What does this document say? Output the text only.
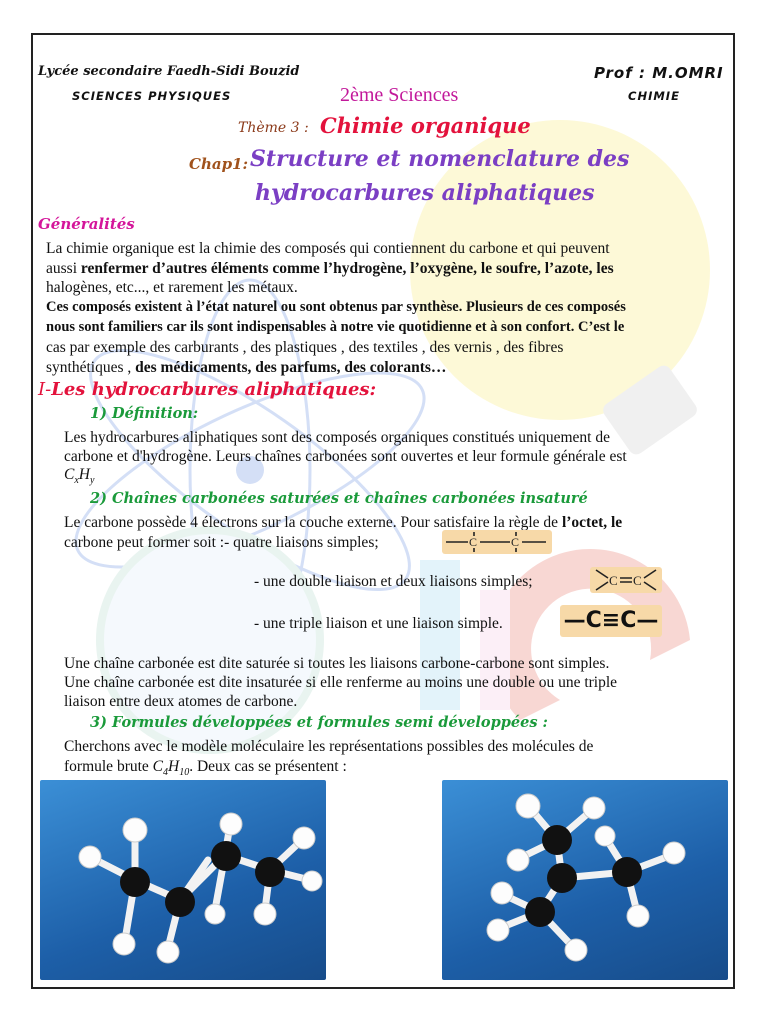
Lycée secondaire Faedh-Sidi Bouzid
SCIENCES PHYSIQUES	2ème Sciences
Prof : M.OMRI
CHIMIE
Thème 3 : Chimie organique
Chap1: Structure et nomenclature des
hydrocarbures aliphatiques
Généralités
La chimie organique est la chimie des composés qui contiennent du carbone et qui peuvent
aussi renfermer d’autres éléments comme l’hydrogène, l’oxygène, le soufre, l’azote, les
halogènes, etc..., et rarement les métaux.
Ces composés existent à l’état naturel ou sont obtenus par synthèse. Plusieurs de ces composés
nous sont familiers car ils sont indispensables à notre vie quotidienne et à son confort. C’est le
cas par exemple des carburants , des plastiques , des textiles , des vernis , des fibres
synthétiques , des médicaments, des parfums, des colorants…
I-Les hydrocarbures aliphatiques:
1) Définition:
Les hydrocarbures aliphatiques sont des composés organiques constitués uniquement de
carbone et d'hydrogène. Leurs chaînes carbonées sont ouvertes et leur formule générale est
$C_xH_y$
2) Chaînes carbonées saturées et chaînes carbonées insaturé
Le carbone possède 4 électrons sur la couche externe. Pour satisfaire la règle de l’octet, le
carbone peut former soit :- quatre liaisons simples;	C	C
- une double liaison et deux liaisons simples;	C C
- une triple liaison et une liaison simple.	—C≡C—
Une chaîne carbonée est dite saturée si toutes les liaisons carbone-carbone sont simples.
Une chaîne carbonée est dite insaturée si elle renferme au moins une double ou une triple
liaison entre deux atomes de carbone.
3) Formules développées et formules semi développées :
Cherchons avec le modèle moléculaire les représentations possibles des molécules de
formule brute $C_4H_{10}$. Deux cas se présentent :
